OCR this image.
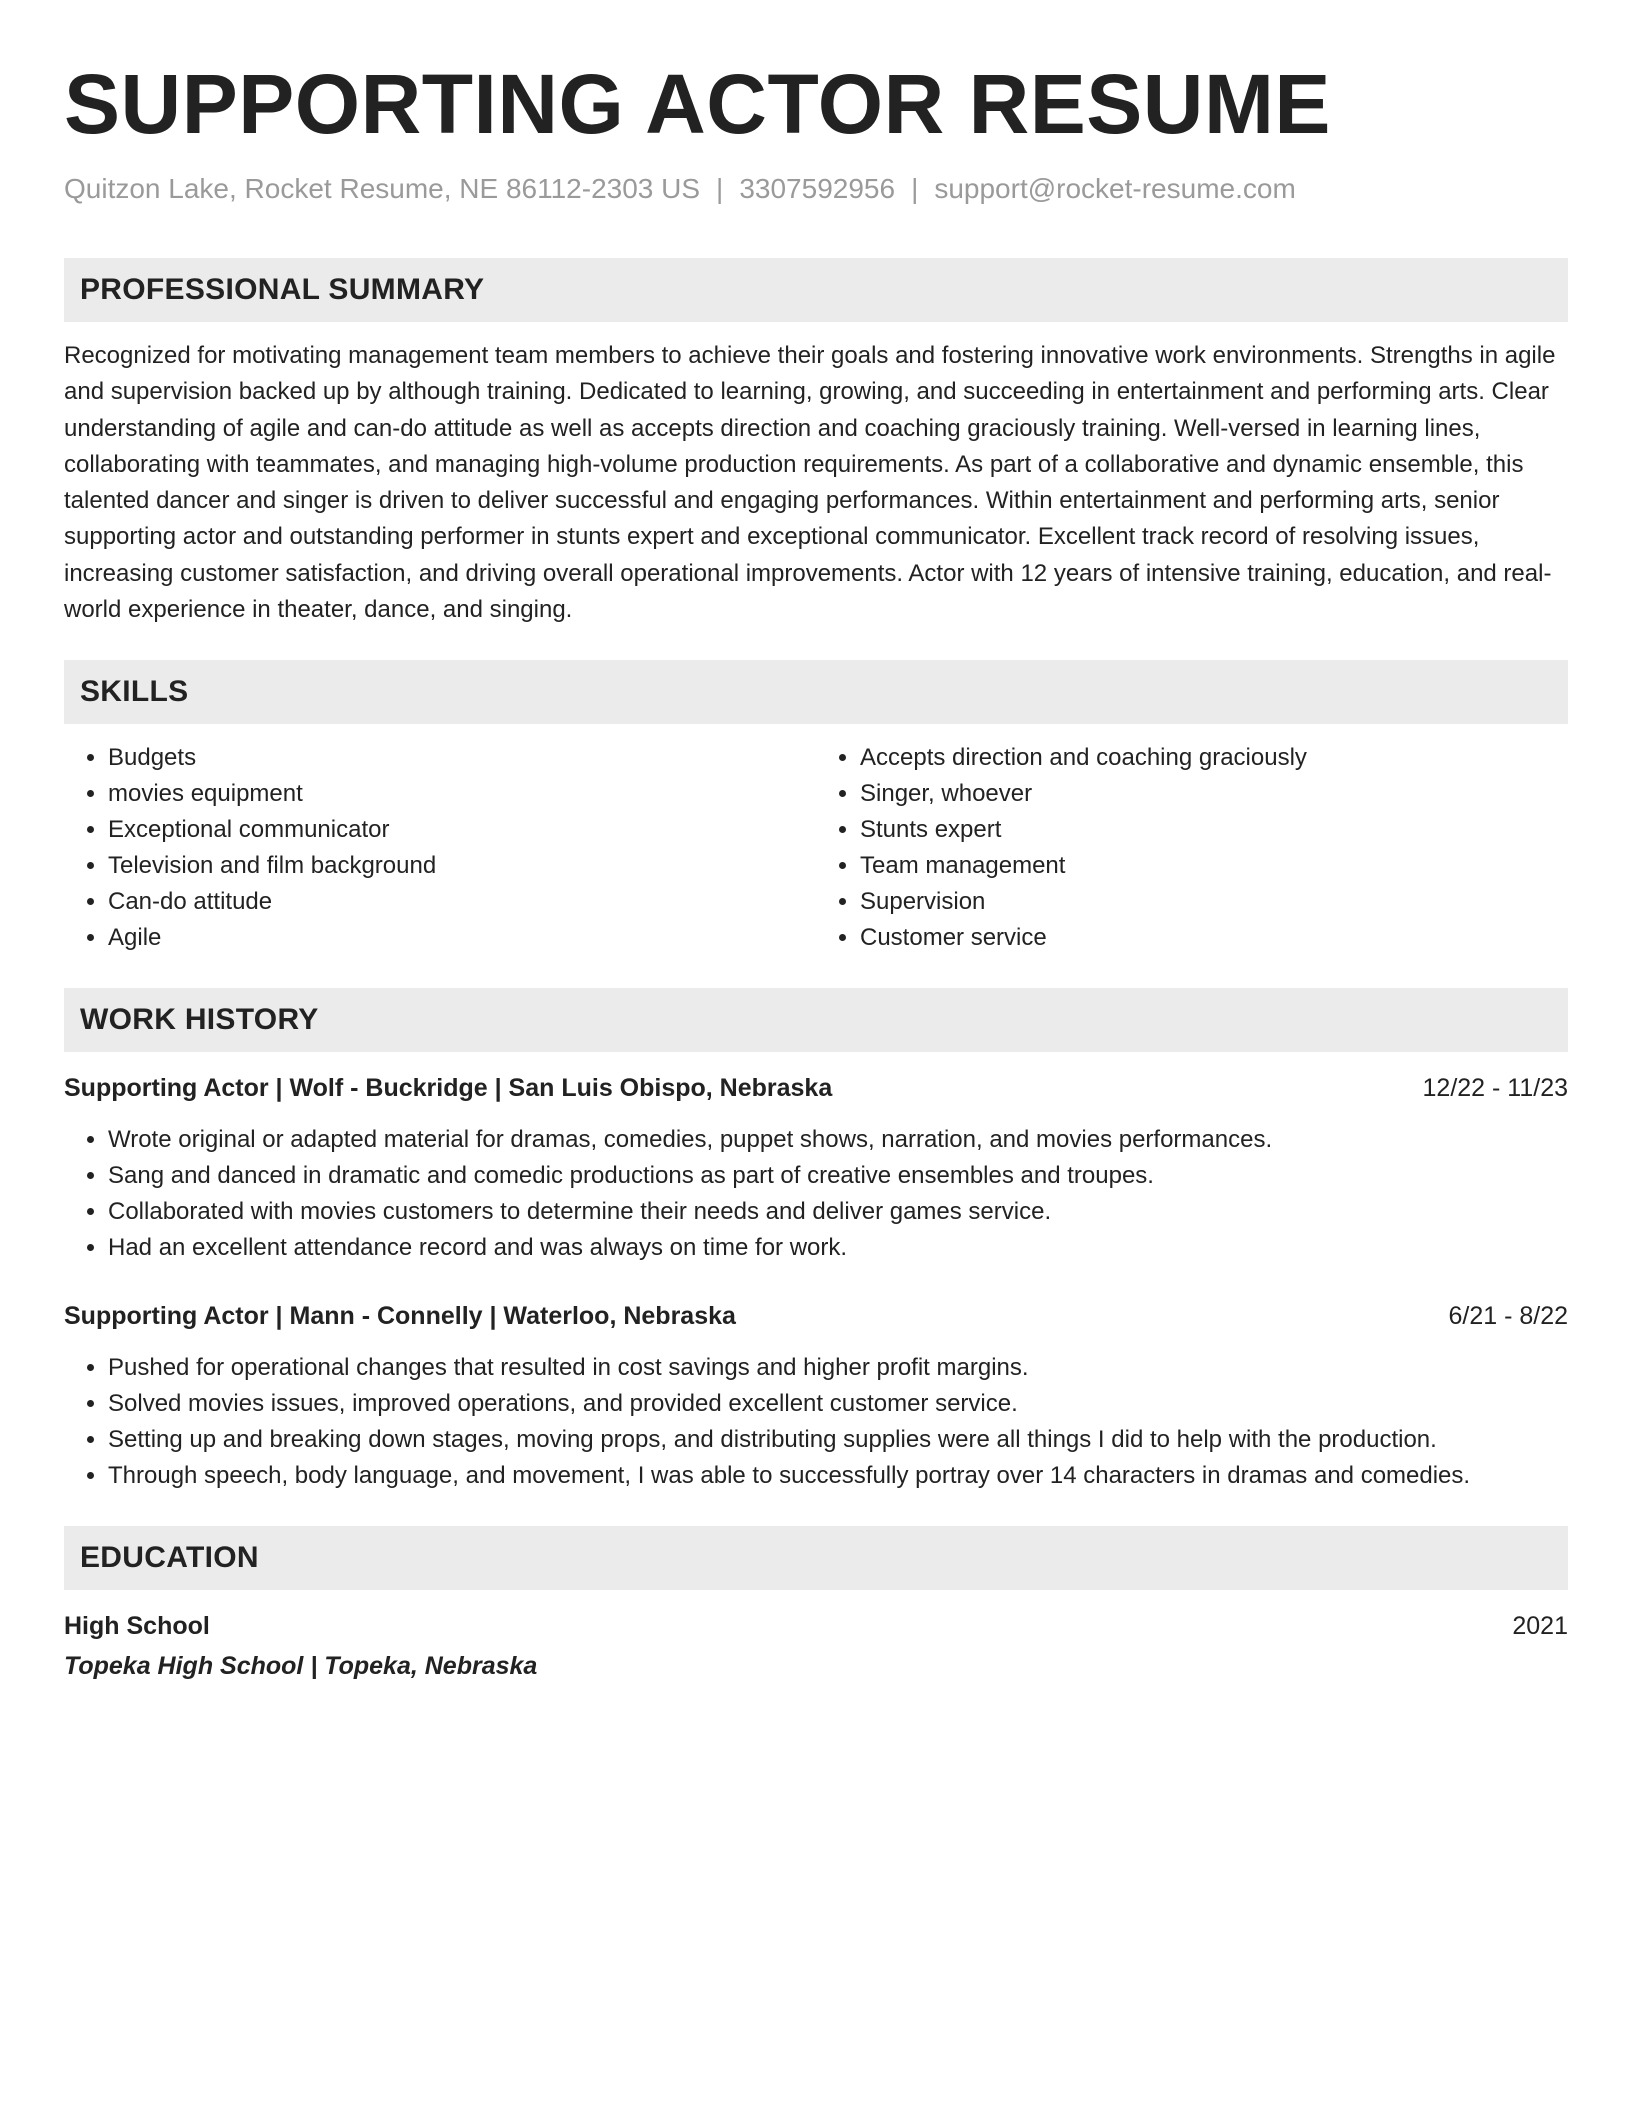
SUPPORTING ACTOR RESUME
Quitzon Lake, Rocket Resume, NE 86112-2303 US | 3307592956 | support@rocket-resume.com
PROFESSIONAL SUMMARY
Recognized for motivating management team members to achieve their goals and fostering innovative work environments. Strengths in agile and supervision backed up by although training. Dedicated to learning, growing, and succeeding in entertainment and performing arts. Clear understanding of agile and can-do attitude as well as accepts direction and coaching graciously training. Well-versed in learning lines, collaborating with teammates, and managing high-volume production requirements. As part of a collaborative and dynamic ensemble, this talented dancer and singer is driven to deliver successful and engaging performances. Within entertainment and performing arts, senior supporting actor and outstanding performer in stunts expert and exceptional communicator. Excellent track record of resolving issues, increasing customer satisfaction, and driving overall operational improvements. Actor with 12 years of intensive training, education, and real-world experience in theater, dance, and singing.
SKILLS
• Budgets
• movies equipment
• Exceptional communicator
• Television and film background
• Can-do attitude
• Agile
• Accepts direction and coaching graciously
• Singer, whoever
• Stunts expert
• Team management
• Supervision
• Customer service
WORK HISTORY
Supporting Actor | Wolf - Buckridge | San Luis Obispo, Nebraska	12/22 - 11/23
• Wrote original or adapted material for dramas, comedies, puppet shows, narration, and movies performances.
• Sang and danced in dramatic and comedic productions as part of creative ensembles and troupes.
• Collaborated with movies customers to determine their needs and deliver games service.
• Had an excellent attendance record and was always on time for work.
Supporting Actor | Mann - Connelly | Waterloo, Nebraska	6/21 - 8/22
• Pushed for operational changes that resulted in cost savings and higher profit margins.
• Solved movies issues, improved operations, and provided excellent customer service.
• Setting up and breaking down stages, moving props, and distributing supplies were all things I did to help with the production.
• Through speech, body language, and movement, I was able to successfully portray over 14 characters in dramas and comedies.
EDUCATION
High School	2021
Topeka High School | Topeka, Nebraska
